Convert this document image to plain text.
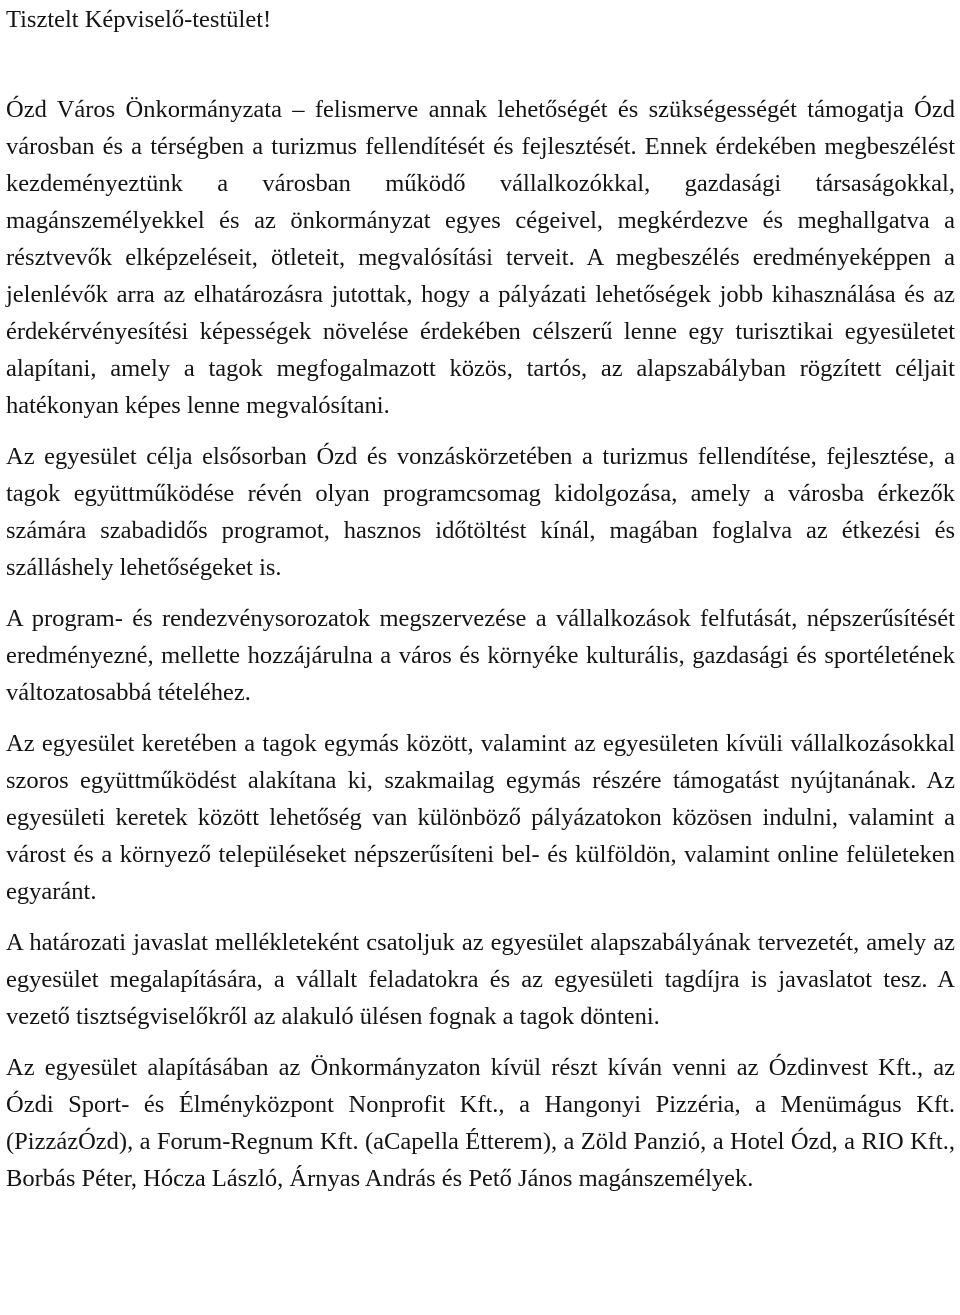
Tisztelt Képviselő-testület!

Ózd Város Önkormányzata – felismerve annak lehetőségét és szükségességét támogatja Ózd városban és a térségben a turizmus fellendítését és fejlesztését. Ennek érdekében megbeszélést kezdeményeztünk a városban működő vállalkozókkal, gazdasági társaságokkal, magánszemélyekkel és az önkormányzat egyes cégeivel, megkérdezve és meghallgatva a résztvevők elképzeléseit, ötleteit, megvalósítási terveit. A megbeszélés eredményeképpen a jelenlévők arra az elhatározásra jutottak, hogy a pályázati lehetőségek jobb kihasználása és az érdekérvényesítési képességek növelése érdekében célszerű lenne egy turisztikai egyesületet alapítani, amely a tagok megfogalmazott közös, tartós, az alapszabályban rögzített céljait hatékonyan képes lenne megvalósítani.

Az egyesület célja elsősorban Ózd és vonzáskörzetében a turizmus fellendítése, fejlesztése, a tagok együttműködése révén olyan programcsomag kidolgozása, amely a városba érkezők számára szabadidős programot, hasznos időtöltést kínál, magában foglalva az étkezési és szálláshely lehetőségeket is.

A program- és rendezvénysorozatok megszervezése a vállalkozások felfutását, népszerűsítését eredményezné, mellette hozzájárulna a város és környéke kulturális, gazdasági és sportéletének változatosabbá tételéhez.

Az egyesület keretében a tagok egymás között, valamint az egyesületen kívüli vállalkozásokkal szoros együttműködést alakítana ki, szakmailag egymás részére támogatást nyújtanának. Az egyesületi keretek között lehetőség van különböző pályázatokon közösen indulni, valamint a várost és a környező településeket népszerűsíteni bel- és külföldön, valamint online felületeken egyaránt.

A határozati javaslat mellékleteként csatoljuk az egyesület alapszabályának tervezetét, amely az egyesület megalapítására, a vállalt feladatokra és az egyesületi tagdíjra is javaslatot tesz. A vezető tisztségviselőkről az alakuló ülésen fognak a tagok dönteni.

Az egyesület alapításában az Önkormányzaton kívül részt kíván venni az Ózdinvest Kft., az Ózdi Sport- és Élményközpont Nonprofit Kft., a Hangonyi Pizzéria, a Menümágus Kft. (PizzázÓzd), a Forum-Regnum Kft. (aCapella Étterem), a Zöld Panzió, a Hotel Ózd, a RIO Kft., Borbás Péter, Hócza László, Árnyas András és Pető János magánszemélyek.
